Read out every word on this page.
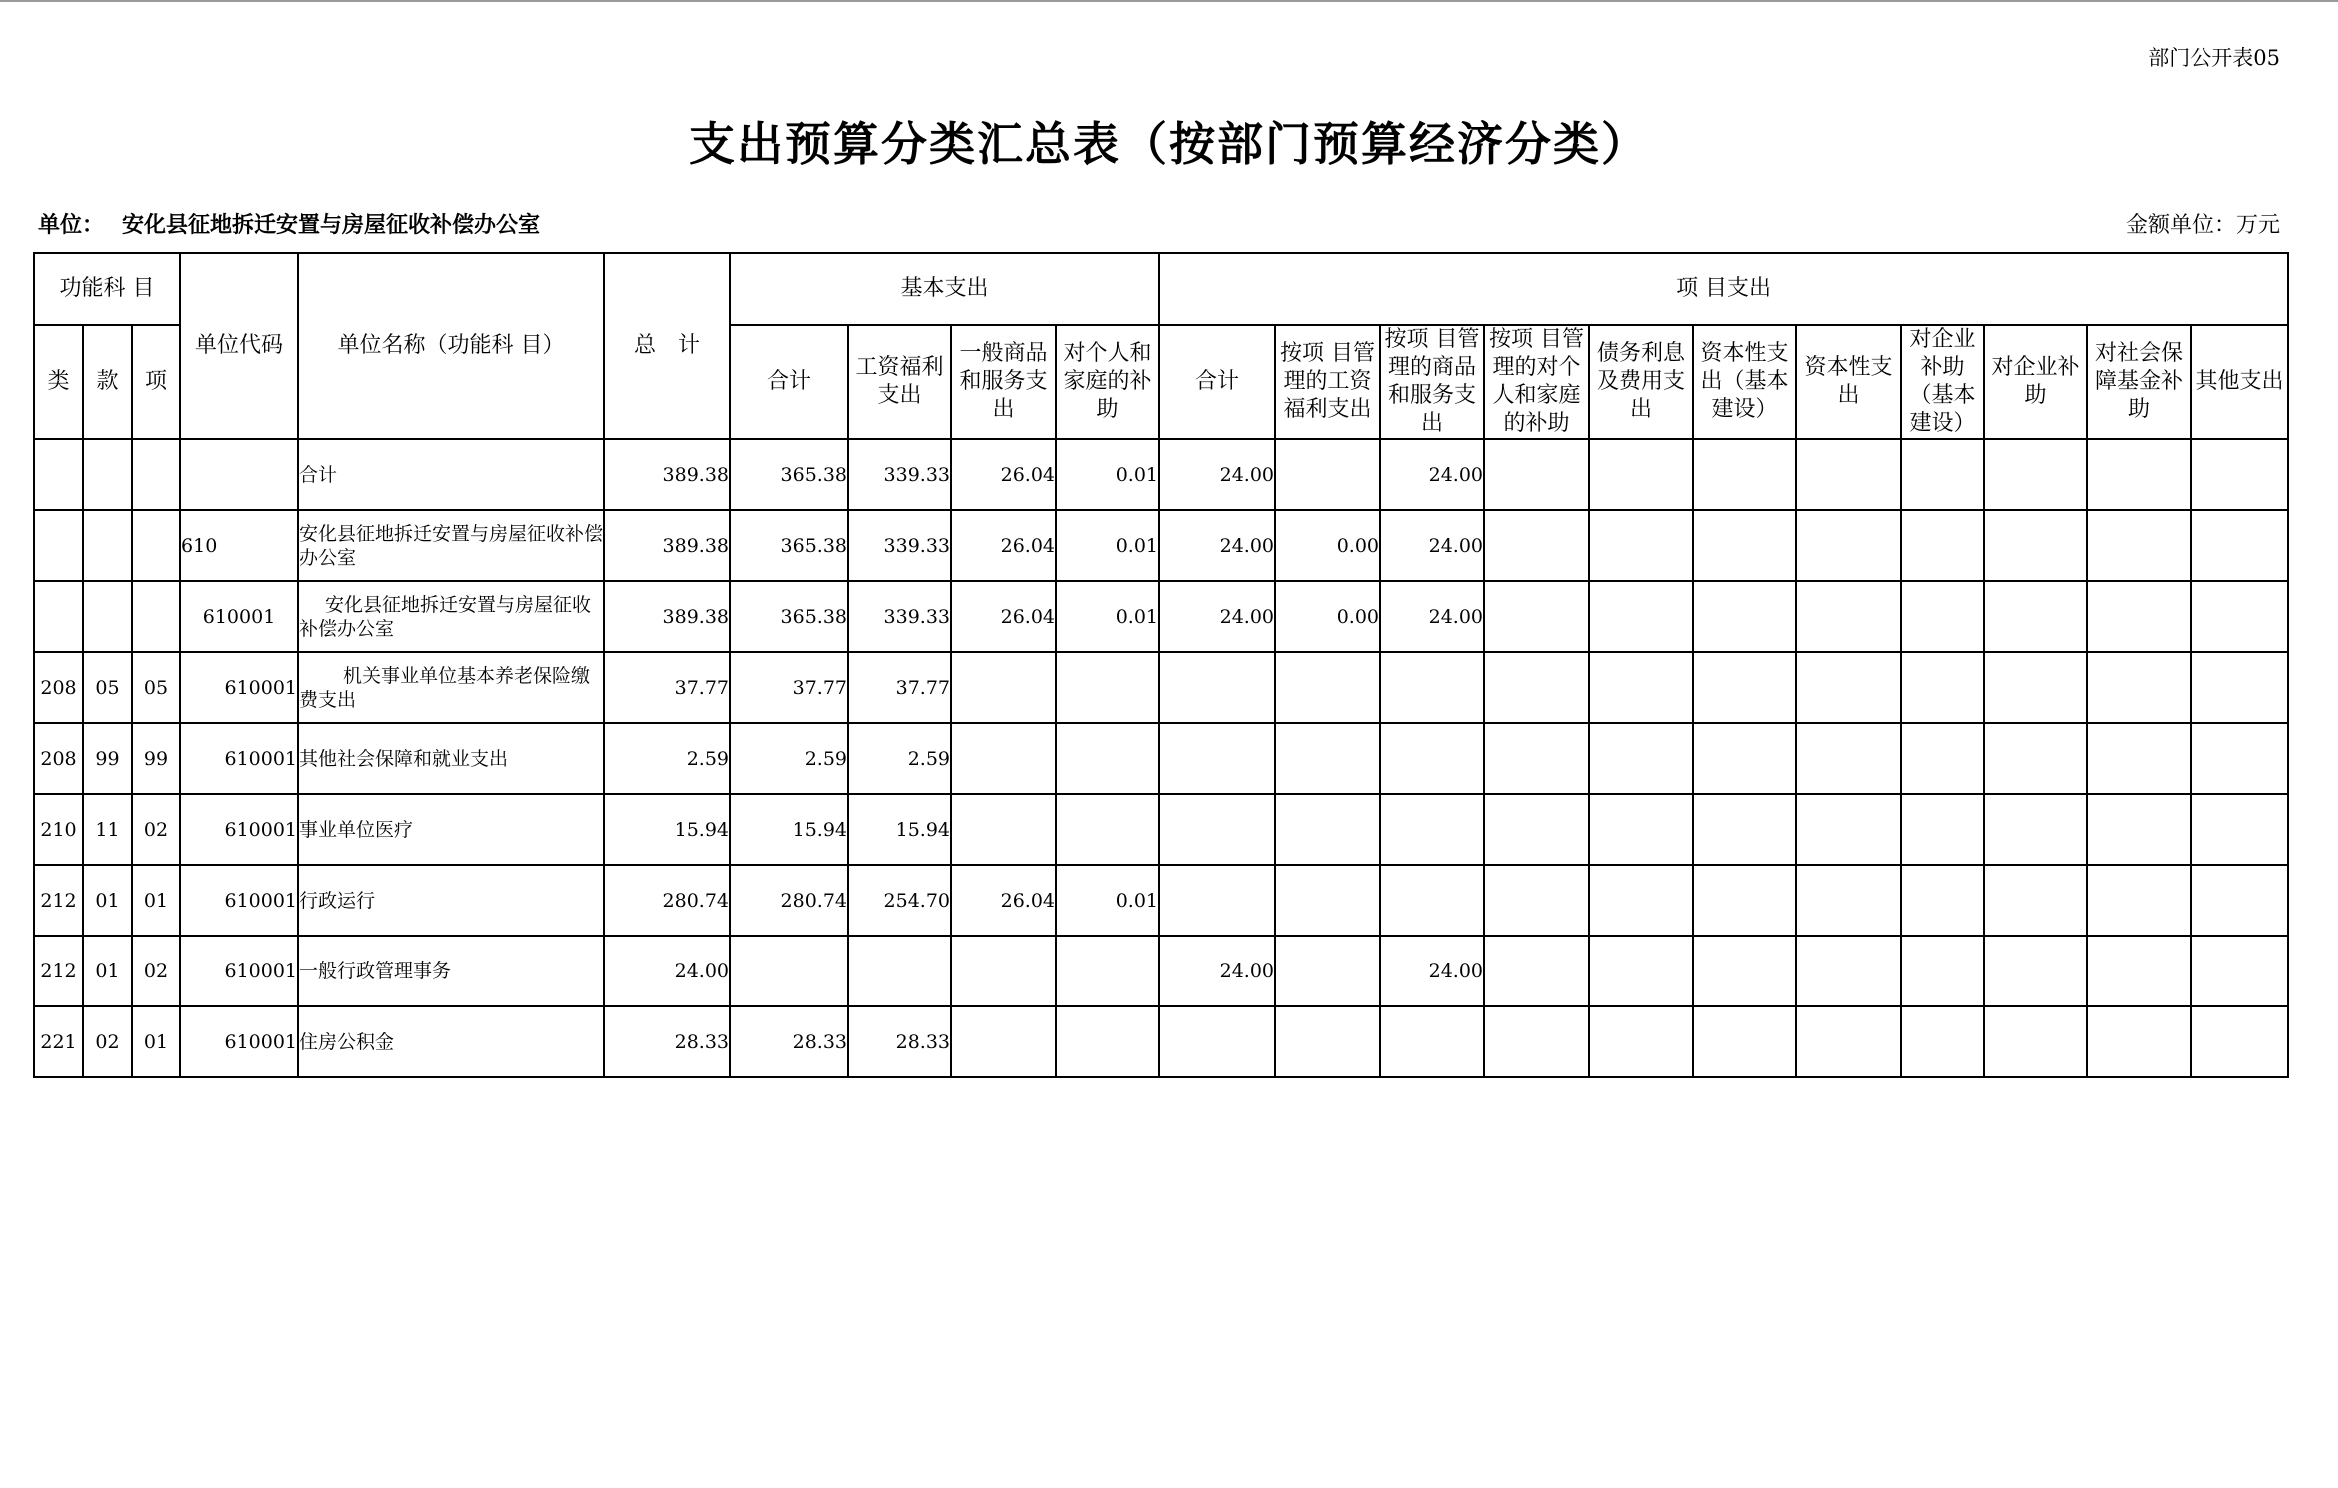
部门公开表05
支出预算分类汇总表（按部门预算经济分类）
单位： 安化县征地拆迁安置与房屋征收补偿办公室	金额单位：万元
功能科 目			单位代码	单位名称（功能科 目）	总　计	基本支出				项 目支出										
类	款	项				合计	工资福利支出	一般商品和服务支出	对个人和家庭的补助	合计	按项 目管理的工资福利支出	按项 目管理的商品和服务支出	按项 目管理的对个人和家庭的补助	债务利息及费用支出	资本性支出（基本建设）	资本性支出	对企业补助（基本建设）	对企业补助	对社会保障基金补助	其他支出
				合计	389.38	365.38	339.33	26.04	0.01	24.00		24.00								
			610	安化县征地拆迁安置与房屋征收补偿办公室	389.38	365.38	339.33	26.04	0.01	24.00	0.00	24.00								
			610001	安化县征地拆迁安置与房屋征收补偿办公室	389.38	365.38	339.33	26.04	0.01	24.00	0.00	24.00								
208	05	05	610001	机关事业单位基本养老保险缴费支出	37.77	37.77	37.77													
208	99	99	610001	其他社会保障和就业支出	2.59	2.59	2.59													
210	11	02	610001	事业单位医疗	15.94	15.94	15.94													
212	01	01	610001	行政运行	280.74	280.74	254.70	26.04	0.01											
212	01	02	610001	一般行政管理事务	24.00					24.00		24.00								
221	02	01	610001	住房公积金	28.33	28.33	28.33													
